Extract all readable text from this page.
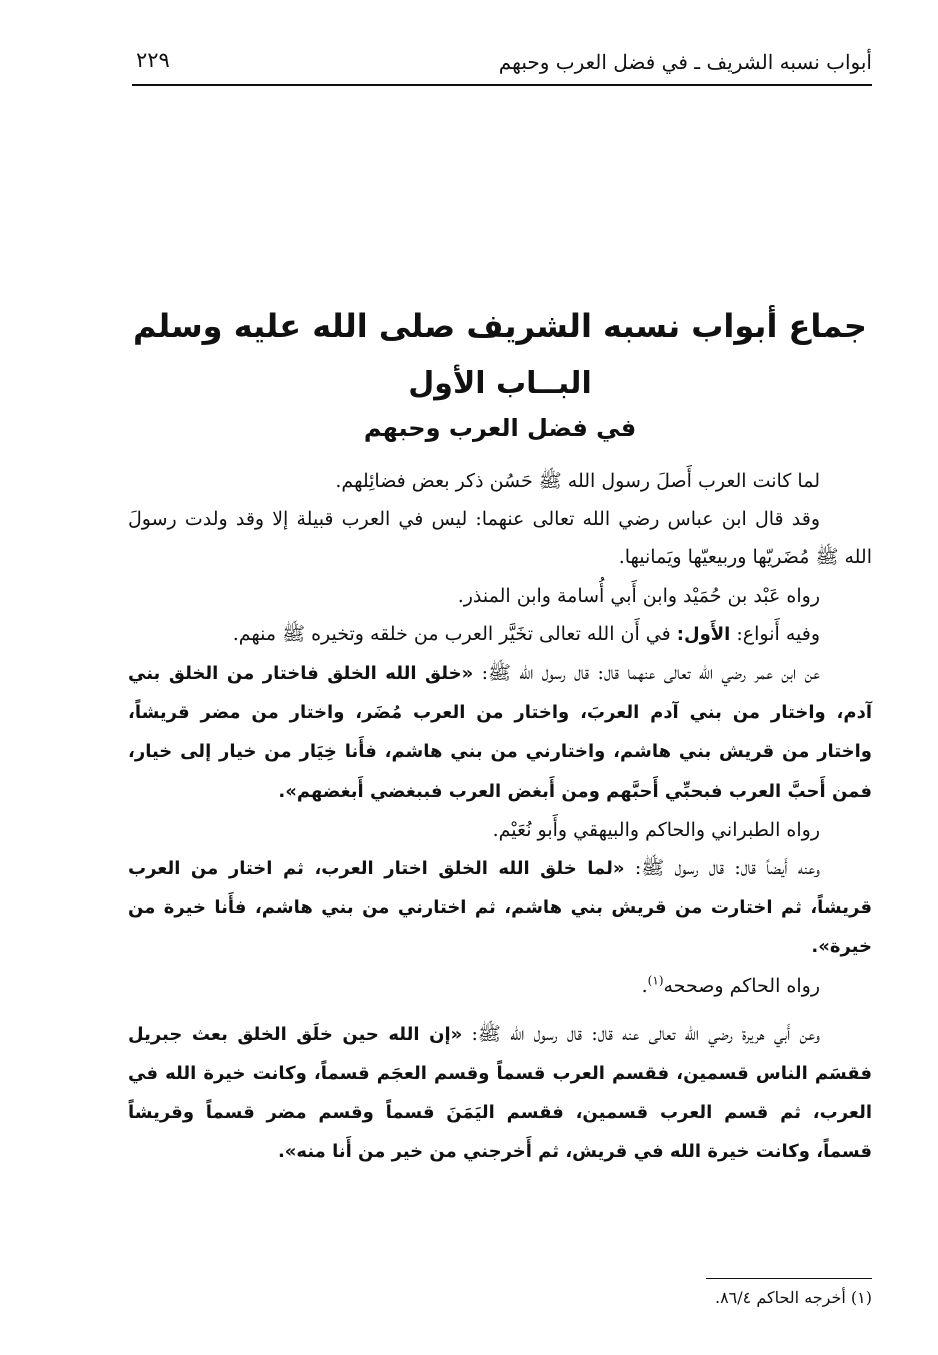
أبواب نسبه الشريف ـ في فضل العرب وحبهم
٢٢٩
جماع أبواب نسبه الشريف صلى الله عليه وسلم
البــاب الأول
في فضل العرب وحبهم

لما كانت العرب أَصلَ رسول الله ﷺ حَسُن ذكر بعض فضائِلهم.

وقد قال ابن عباس رضي الله تعالى عنهما: ليس في العرب قبيلة إلا وقد ولدت رسولَ الله ﷺ مُضَريّها وربيعيّها ويَمانيها.

رواه عَبْد بن حُمَيْد وابن أَبي أُسامة وابن المنذر.

وفيه أَنواع: الأَول: في أَن الله تعالى تخَيَّر العرب من خلقه وتخيره ﷺ منهم.

عن ابن عمر رضي الله تعالى عنهما قال: قال رسول الله ﷺ: «خلق الله الخلق فاختار من الخلق بني آدم، واختار من بني آدم العربَ، واختار من العرب مُضَر، واختار من مضر قريشاً، واختار من قريش بني هاشم، واختارني من بني هاشم، فأَنا خِيَار من خيار إلى خيار، فمن أَحبَّ العرب فبحبِّي أَحبَّهم ومن أَبغض العرب فببغضي أَبغضهم».

رواه الطبراني والحاكم والبيهقي وأَبو نُعَيْم.

وعنه أَيضاً قال: قال رسول ﷺ: «لما خلق الله الخلق اختار العرب، ثم اختار من العرب قريشاً، ثم اختارت من قريش بني هاشم، ثم اختارني من بني هاشم، فأَنا خيرة من خيرة».

رواه الحاكم وصححه$^{(١)}$.

وعن أَبي هريرة رضي الله تعالى عنه قال: قال رسول الله ﷺ: «إن الله حين خلَق الخلق بعث جبريل فقسَم الناس قسمين، فقسم العرب قسماً وقسم العجَم قسماً، وكانت خيرة الله في العرب، ثم قسم العرب قسمين، فقسم اليَمَنَ قسماً وقسم مضر قسماً وقريشاً قسماً، وكانت خيرة الله في قريش، ثم أَخرجني من خير من أَنا منه».

(١) أخرجه الحاكم ٨٦/٤.
